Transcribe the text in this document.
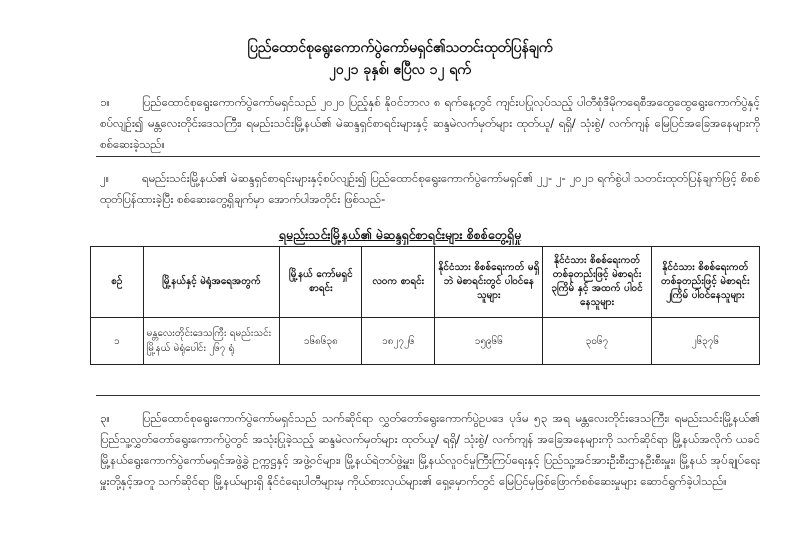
ပြည်ထောင်စုရွေးကောက်ပွဲကော်မရှင်၏သတင်းထုတ်ပြန်ချက်
၂၀၂၁ ခုနှစ်၊ ဧပြီလ ၁၂ ရက်
၁။	ပြည်ထောင်စုရွေးကောက်ပွဲကော်မရှင်သည် ၂၀၂၀ ပြည့်နှစ် နိုဝင်ဘာလ ၈ ရက်နေ့တွင် ကျင်းပပြုလုပ်သည့် ပါတီစုံဒီမိုကရေစီအထွေထွေရွေးကောက်ပွဲနှင့်စပ်လျဉ်း၍ မန္တလေးတိုင်းဒေသကြီး၊ ရမည်းသင်းမြို့နယ်၏ မဲဆန္ဒရှင်စာရင်းများနှင့် ဆန္ဒမဲလက်မှတ်များ ထုတ်ယူ/ ရရှိ/ သုံးစွဲ/ လက်ကျန် မြေပြင်အခြေအနေများကို စစ်ဆေးခဲ့သည်။
၂။	ရမည်းသင်းမြို့နယ်၏ မဲဆန္ဒရှင်စာရင်းများနှင့်စပ်လျဉ်း၍ ပြည်ထောင်စုရွေးကောက်ပွဲကော်မရှင်၏ ၂၂- ၂- ၂၀၂၁ ရက်စွဲပါ သတင်းထုတ်ပြန်ချက်ဖြင့် စိစစ်ထုတ်ပြန်ထားခဲ့ပြီး စစ်ဆေးတွေ့ရှိချက်မှာ အောက်ပါအတိုင်း ဖြစ်သည်-
ရမည်းသင်းမြို့နယ်၏ မဲဆန္ဒရှင်စာရင်းများ စိစစ်တွေ့ရှိမှု
စဉ်	မြို့နယ်နှင့် မဲရုံအရေအတွက်	မြို့နယ် ကော်မရှင် စာရင်း	လဝက စာရင်း	နိုင်ငံသား စိစစ်ရေးကတ် မရှိဘဲ မဲစာရင်းတွင် ပါဝင်နေသူများ	နိုင်ငံသား စိစစ်ရေးကတ် တစ်ခုတည်းဖြင့် မဲစာရင်း ၃ကြိမ် နှင့် အထက် ပါဝင်နေသူများ	နိုင်ငံသား စိစစ်ရေးကတ် တစ်ခုတည်းဖြင့် မဲစာရင်း ၂ကြိမ် ပါဝင်နေသူများ
၁	မန္တလေးတိုင်းဒေသကြီး ရမည်းသင်းမြို့နယ် မဲရုံပေါင်း ၂၆၇ ရုံ	၁၆၈၆၃၈	၁၈၂၇၂၆	၁၅၉၆၆	၃၀၆၇	၂၆၃၇၆
၃။	ပြည်ထောင်စုရွေးကောက်ပွဲကော်မရှင်သည် သက်ဆိုင်ရာ လွှတ်တော်ရွေးကောက်ပွဲဥပဒေ ပုဒ်မ ၅၃ အရ မန္တလေးတိုင်းဒေသကြီး၊ ရမည်းသင်းမြို့နယ်၏ ပြည်သူ့လွှတ်တော်ရွေးကောက်ပွဲတွင် အသုံးပြုခဲ့သည့် ဆန္ဒမဲလက်မှတ်များ ထုတ်ယူ/ ရရှိ/ သုံးစွဲ/ လက်ကျန် အခြေအနေများကို သက်ဆိုင်ရာ မြို့နယ်အလိုက် ယခင် မြို့နယ်ရွေးကောက်ပွဲကော်မရှင်အဖွဲ့ခွဲ ဥက္ကဋ္ဌနှင့် အဖွဲ့ဝင်များ၊ မြို့နယ်ရဲတပ်ဖွဲ့မှူး၊ မြို့နယ်လူဝင်မှုကြီးကြပ်ရေးနှင့် ပြည်သူ့အင်အားဦးစီးဌာနဦးစီးမှူး၊ မြို့နယ် အုပ်ချုပ်ရေးမှူးတို့နှင့်အတူ သက်ဆိုင်ရာ မြို့နယ်များရှိ နိုင်ငံရေးပါတီများမှ ကိုယ်စားလှယ်များ၏ ရှေ့မှောက်တွင် မြေပြင်မှဖြစ်ဖြောက်စစ်ဆေးမှုများ ဆောင်ရွက်ခဲ့ပါသည်။
